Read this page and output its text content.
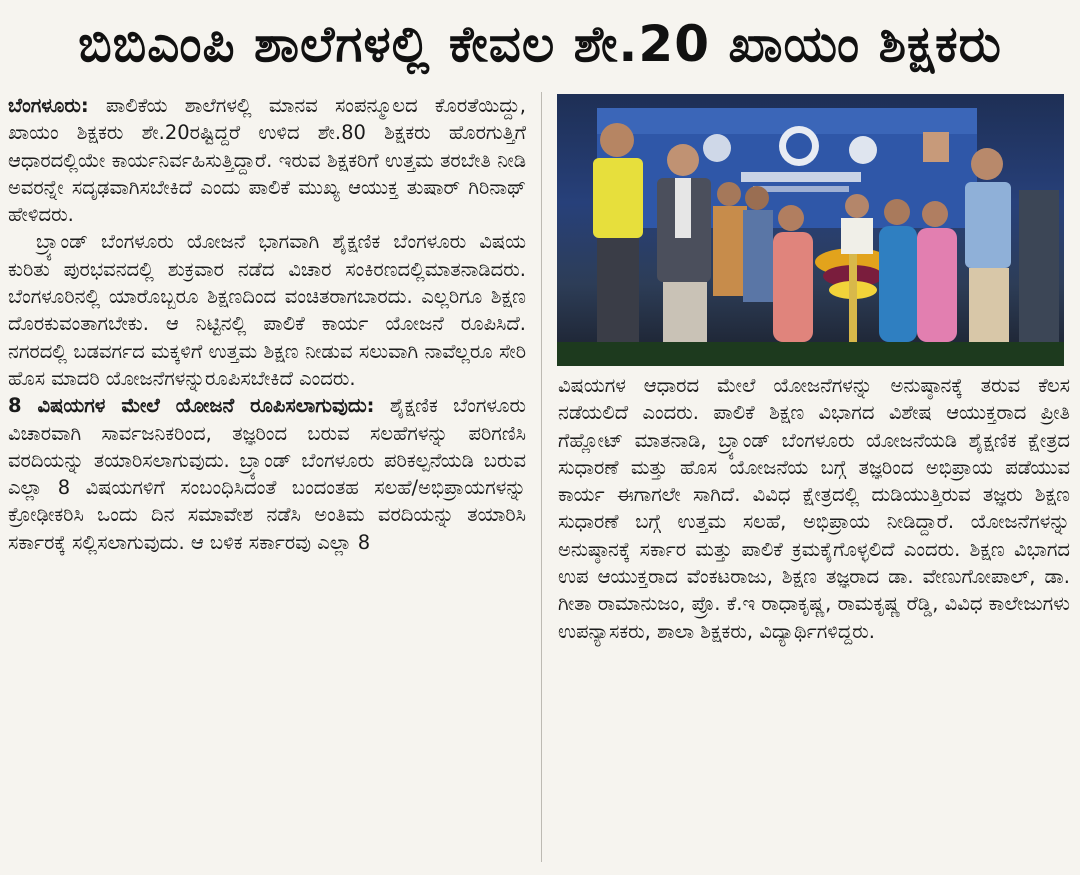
ಬಿಬಿಎಂಪಿ ಶಾಲೆಗಳಲ್ಲಿ ಕೇವಲ ಶೇ.20 ಖಾಯಂ ಶಿಕ್ಷಕರು

ಬೆಂಗಳೂರು: ಪಾಲಿಕೆಯ ಶಾಲೆಗಳಲ್ಲಿ ಮಾನವ ಸಂಪನ್ಮೂಲದ ಕೊರತೆಯಿದ್ದು, ಖಾಯಂ ಶಿಕ್ಷಕರು ಶೇ.20ರಷ್ಟಿದ್ದರೆ ಉಳಿದ ಶೇ.80 ಶಿಕ್ಷಕರು ಹೊರಗುತ್ತಿಗೆ ಆಧಾರದಲ್ಲಿಯೇ ಕಾರ್ಯನಿರ್ವಹಿಸುತ್ತಿದ್ದಾರೆ. ಇರುವ ಶಿಕ್ಷಕರಿಗೆ ಉತ್ತಮ ತರಬೇತಿ ನೀಡಿ ಅವರನ್ನೇ ಸದೃಢವಾಗಿಸಬೇಕಿದೆ ಎಂದು ಪಾಲಿಕೆ ಮುಖ್ಯ ಆಯುಕ್ತ ತುಷಾರ್ ಗಿರಿನಾಥ್ ಹೇಳಿದರು.

ಬ್ರ್ಯಾಂಡ್ ಬೆಂಗಳೂರು ಯೋಜನೆ ಭಾಗವಾಗಿ ಶೈಕ್ಷಣಿಕ ಬೆಂಗಳೂರು ವಿಷಯ ಕುರಿತು ಪುರಭವನದಲ್ಲಿ ಶುಕ್ರವಾರ ನಡೆದ ವಿಚಾರ ಸಂಕಿರಣದಲ್ಲಿಮಾತನಾಡಿದರು. ಬೆಂಗಳೂರಿನಲ್ಲಿ ಯಾರೊಬ್ಬರೂ ಶಿಕ್ಷಣದಿಂದ ವಂಚಿತರಾಗಬಾರದು. ಎಲ್ಲರಿಗೂ ಶಿಕ್ಷಣ ದೊರಕುವಂತಾಗಬೇಕು. ಆ ನಿಟ್ಟಿನಲ್ಲಿ ಪಾಲಿಕೆ ಕಾರ್ಯ ಯೋಜನೆ ರೂಪಿಸಿದೆ. ನಗರದಲ್ಲಿ ಬಡವರ್ಗದ ಮಕ್ಕಳಿಗೆ ಉತ್ತಮ ಶಿಕ್ಷಣ ನೀಡುವ ಸಲುವಾಗಿ ನಾವೆಲ್ಲರೂ ಸೇರಿ ಹೊಸ ಮಾದರಿ ಯೋಜನೆಗಳನ್ನುರೂಪಿಸಬೇಕಿದೆ ಎಂದರು.

8 ವಿಷಯಗಳ ಮೇಲೆ ಯೋಜನೆ ರೂಪಿಸಲಾಗುವುದು: ಶೈಕ್ಷಣಿಕ ಬೆಂಗಳೂರು ವಿಚಾರವಾಗಿ ಸಾರ್ವಜನಿಕರಿಂದ, ತಜ್ಞರಿಂದ ಬರುವ ಸಲಹೆಗಳನ್ನು ಪರಿಗಣಿಸಿ ವರದಿಯನ್ನು ತಯಾರಿಸಲಾಗುವುದು. ಬ್ರ್ಯಾಂಡ್ ಬೆಂಗಳೂರು ಪರಿಕಲ್ಪನೆಯಡಿ ಬರುವ ಎಲ್ಲಾ 8 ವಿಷಯಗಳಿಗೆ ಸಂಬಂಧಿಸಿದಂತೆ ಬಂದಂತಹ ಸಲಹೆ/ಅಭಿಪ್ರಾಯಗಳನ್ನು ಕ್ರೋಢೀಕರಿಸಿ ಒಂದು ದಿನ ಸಮಾವೇಶ ನಡೆಸಿ ಅಂತಿಮ ವರದಿಯನ್ನು ತಯಾರಿಸಿ ಸರ್ಕಾರಕ್ಕೆ ಸಲ್ಲಿಸಲಾಗುವುದು. ಆ ಬಳಿಕ ಸರ್ಕಾರವು ಎಲ್ಲಾ 8

ವಿಷಯಗಳ ಆಧಾರದ ಮೇಲೆ ಯೋಜನೆಗಳನ್ನು ಅನುಷ್ಠಾನಕ್ಕೆ ತರುವ ಕೆಲಸ ನಡೆಯಲಿದೆ ಎಂದರು. ಪಾಲಿಕೆ ಶಿಕ್ಷಣ ವಿಭಾಗದ ವಿಶೇಷ ಆಯುಕ್ತರಾದ ಪ್ರೀತಿ ಗೆಹ್ಲೋಟ್ ಮಾತನಾಡಿ, ಬ್ರ್ಯಾಂಡ್ ಬೆಂಗಳೂರು ಯೋಜನೆಯಡಿ ಶೈಕ್ಷಣಿಕ ಕ್ಷೇತ್ರದ ಸುಧಾರಣೆ ಮತ್ತು ಹೊಸ ಯೋಜನೆಯ ಬಗ್ಗೆ ತಜ್ಞರಿಂದ ಅಭಿಪ್ರಾಯ ಪಡೆಯುವ ಕಾರ್ಯ ಈಗಾಗಲೇ ಸಾಗಿದೆ. ವಿವಿಧ ಕ್ಷೇತ್ರದಲ್ಲಿ ದುಡಿಯುತ್ತಿರುವ ತಜ್ಞರು ಶಿಕ್ಷಣ ಸುಧಾರಣೆ ಬಗ್ಗೆ ಉತ್ತಮ ಸಲಹೆ, ಅಭಿಪ್ರಾಯ ನೀಡಿದ್ದಾರೆ. ಯೋಜನೆಗಳನ್ನು ಅನುಷ್ಠಾನಕ್ಕೆ ಸರ್ಕಾರ ಮತ್ತು ಪಾಲಿಕೆ ಕ್ರಮಕೈಗೊಳ್ಳಲಿದೆ ಎಂದರು. ಶಿಕ್ಷಣ ವಿಭಾಗದ ಉಪ ಆಯುಕ್ತರಾದ ವೆಂಕಟರಾಜು, ಶಿಕ್ಷಣ ತಜ್ಞರಾದ ಡಾ. ವೇಣುಗೋಪಾಲ್, ಡಾ. ಗೀತಾ ರಾಮಾನುಜಂ, ಪ್ರೊ. ಕೆ.ಇ ರಾಧಾಕೃಷ್ಣ, ರಾಮಕೃಷ್ಣ ರೆಡ್ಡಿ, ವಿವಿಧ ಕಾಲೇಜುಗಳು ಉಪನ್ಯಾಸಕರು, ಶಾಲಾ ಶಿಕ್ಷಕರು, ವಿದ್ಯಾರ್ಥಿಗಳಿದ್ದರು.
